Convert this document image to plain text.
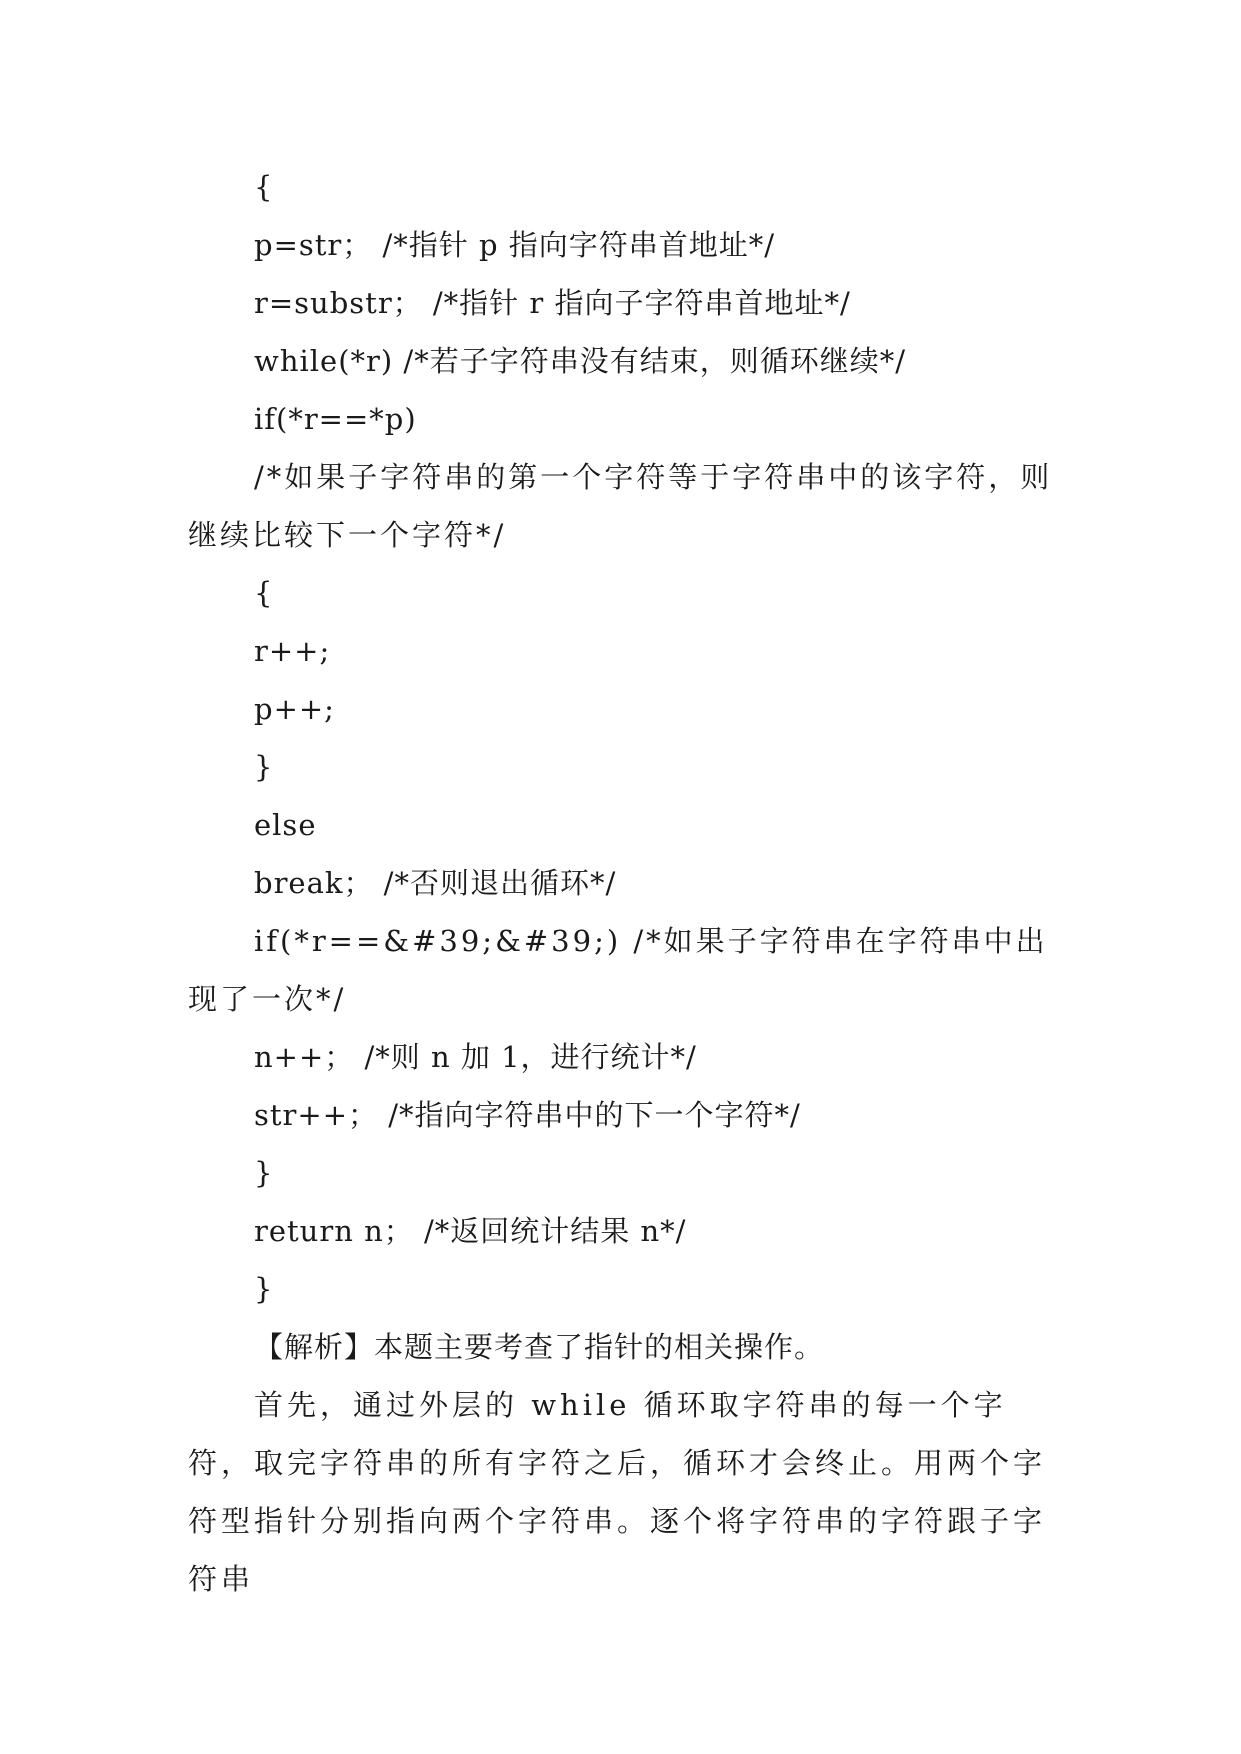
{
p=str； /*指针 p 指向字符串首地址*/
r=substr； /*指针 r 指向子字符串首地址*/
while(*r) /*若子字符串没有结束，则循环继续*/
if(*r==*p)
/*如果子字符串的第一个字符等于字符串中的该字符，则继续比较下一个字符*/
{
r++;
p++;
}
else
break； /*否则退出循环*/
if(*r==&#39;&#39;) /*如果子字符串在字符串中出现了一次*/
n++； /*则 n 加 1，进行统计*/
str++； /*指向字符串中的下一个字符*/
}
return n； /*返回统计结果 n*/
}
【解析】本题主要考查了指针的相关操作。
首先，通过外层的 while 循环取字符串的每一个字符，取完字符串的所有字符之后，循环才会终止。用两个字符型指针分别指向两个字符串。逐个将字符串的字符跟子字符串
